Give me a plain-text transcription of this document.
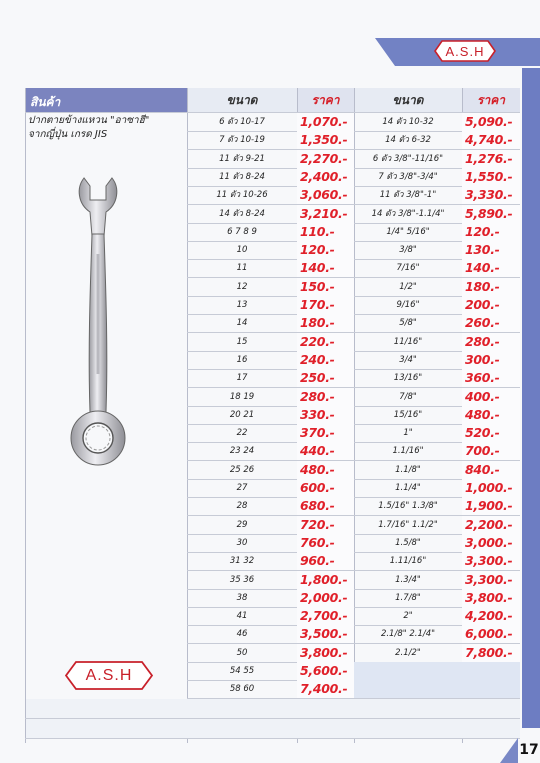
A.S.H
สินค้า	ขนาด	ราคา	ขนาด	ราคา
ปากตายข้างแหวน "อาซาฮี"
จากญี่ปุ่น เกรด JIS
6 ตัว 10-17	1,070.-	14 ตัว 10-32	5,090.-
7 ตัว 10-19	1,350.-	14 ตัว 6-32	4,740.-
11 ตัว 9-21	2,270.-	6 ตัว 3/8"-11/16"	1,276.-
11 ตัว 8-24	2,400.-	7 ตัว 3/8"-3/4"	1,550.-
11 ตัว 10-26	3,060.-	11 ตัว 3/8"-1"	3,330.-
14 ตัว 8-24	3,210.-	14 ตัว 3/8"-1.1/4"	5,890.-
6 7 8 9	110.-	1/4" 5/16"	120.-
10	120.-	3/8"	130.-
11	140.-	7/16"	140.-
12	150.-	1/2"	180.-
13	170.-	9/16"	200.-
14	180.-	5/8"	260.-
15	220.-	11/16"	280.-
16	240.-	3/4"	300.-
17	250.-	13/16"	360.-
18 19	280.-	7/8"	400.-
20 21	330.-	15/16"	480.-
22	370.-	1"	520.-
23 24	440.-	1.1/16"	700.-
25 26	480.-	1.1/8"	840.-
27	600.-	1.1/4"	1,000.-
28	680.-	1.5/16" 1.3/8"	1,900.-
29	720.-	1.7/16" 1.1/2"	2,200.-
30	760.-	1.5/8"	3,000.-
31 32	960.-	1.11/16"	3,300.-
35 36	1,800.-	1.3/4"	3,300.-
38	2,000.-	1.7/8"	3,800.-
41	2,700.-	2"	4,200.-
46	3,500.-	2.1/8" 2.1/4"	6,000.-
50	3,800.-	2.1/2"	7,800.-
54 55	5,600.-
58 60	7,400.-
A.S.H
17
